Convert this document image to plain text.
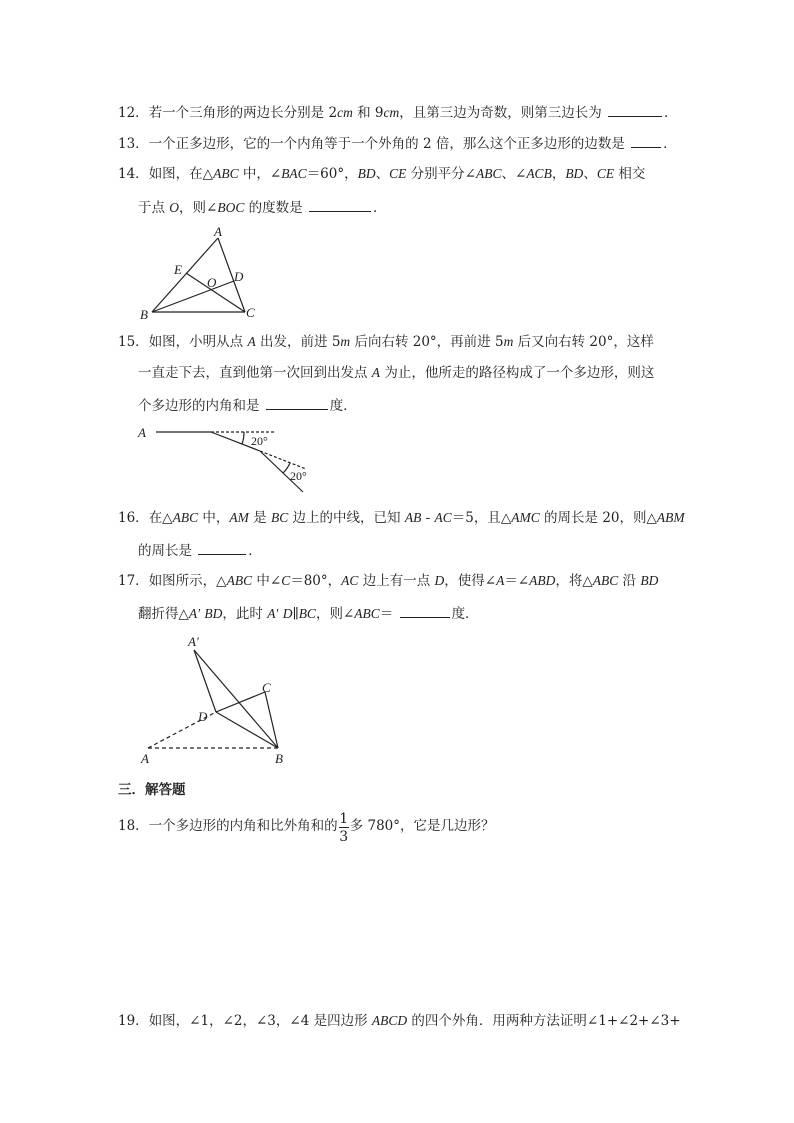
12．若一个三角形的两边长分别是 2cm 和 9cm，且第三边为奇数，则第三边长为	．
13．一个正多边形，它的一个内角等于一个外角的 2 倍，那么这个正多边形的边数是	．
14．如图，在△ABC 中，∠BAC＝60°，BD、CE 分别平分∠ABC、∠ACB，BD、CE 相交
于点 O，则∠BOC 的度数是	．
A
B	C
D
E
O
15．如图，小明从点 A 出发，前进 5m 后向右转 20°，再前进 5m 后又向右转 20°，这样
一直走下去，直到他第一次回到出发点 A 为止，他所走的路径构成了一个多边形，则这
个多边形的内角和是	度．
A
20°
20°
16．在△ABC 中，AM 是 BC 边上的中线，已知 AB - AC＝5，且△AMC 的周长是 20，则△ABM
的周长是	．
17．如图所示，△ABC 中∠C＝80°，AC 边上有一点 D，使得∠A＝∠ABD，将△ABC 沿 BD
翻折得△A′ BD，此时 A′ D∥BC，则∠ABC＝	度．
A′
A	B
C
D
三．解答题
18．一个多边形的内角和比外角和的 $\frac{1}{3}$ 多 780°，它是几边形？
19．如图，∠1，∠2，∠3，∠4 是四边形 ABCD 的四个外角．用两种方法证明∠1+∠2+∠3+
